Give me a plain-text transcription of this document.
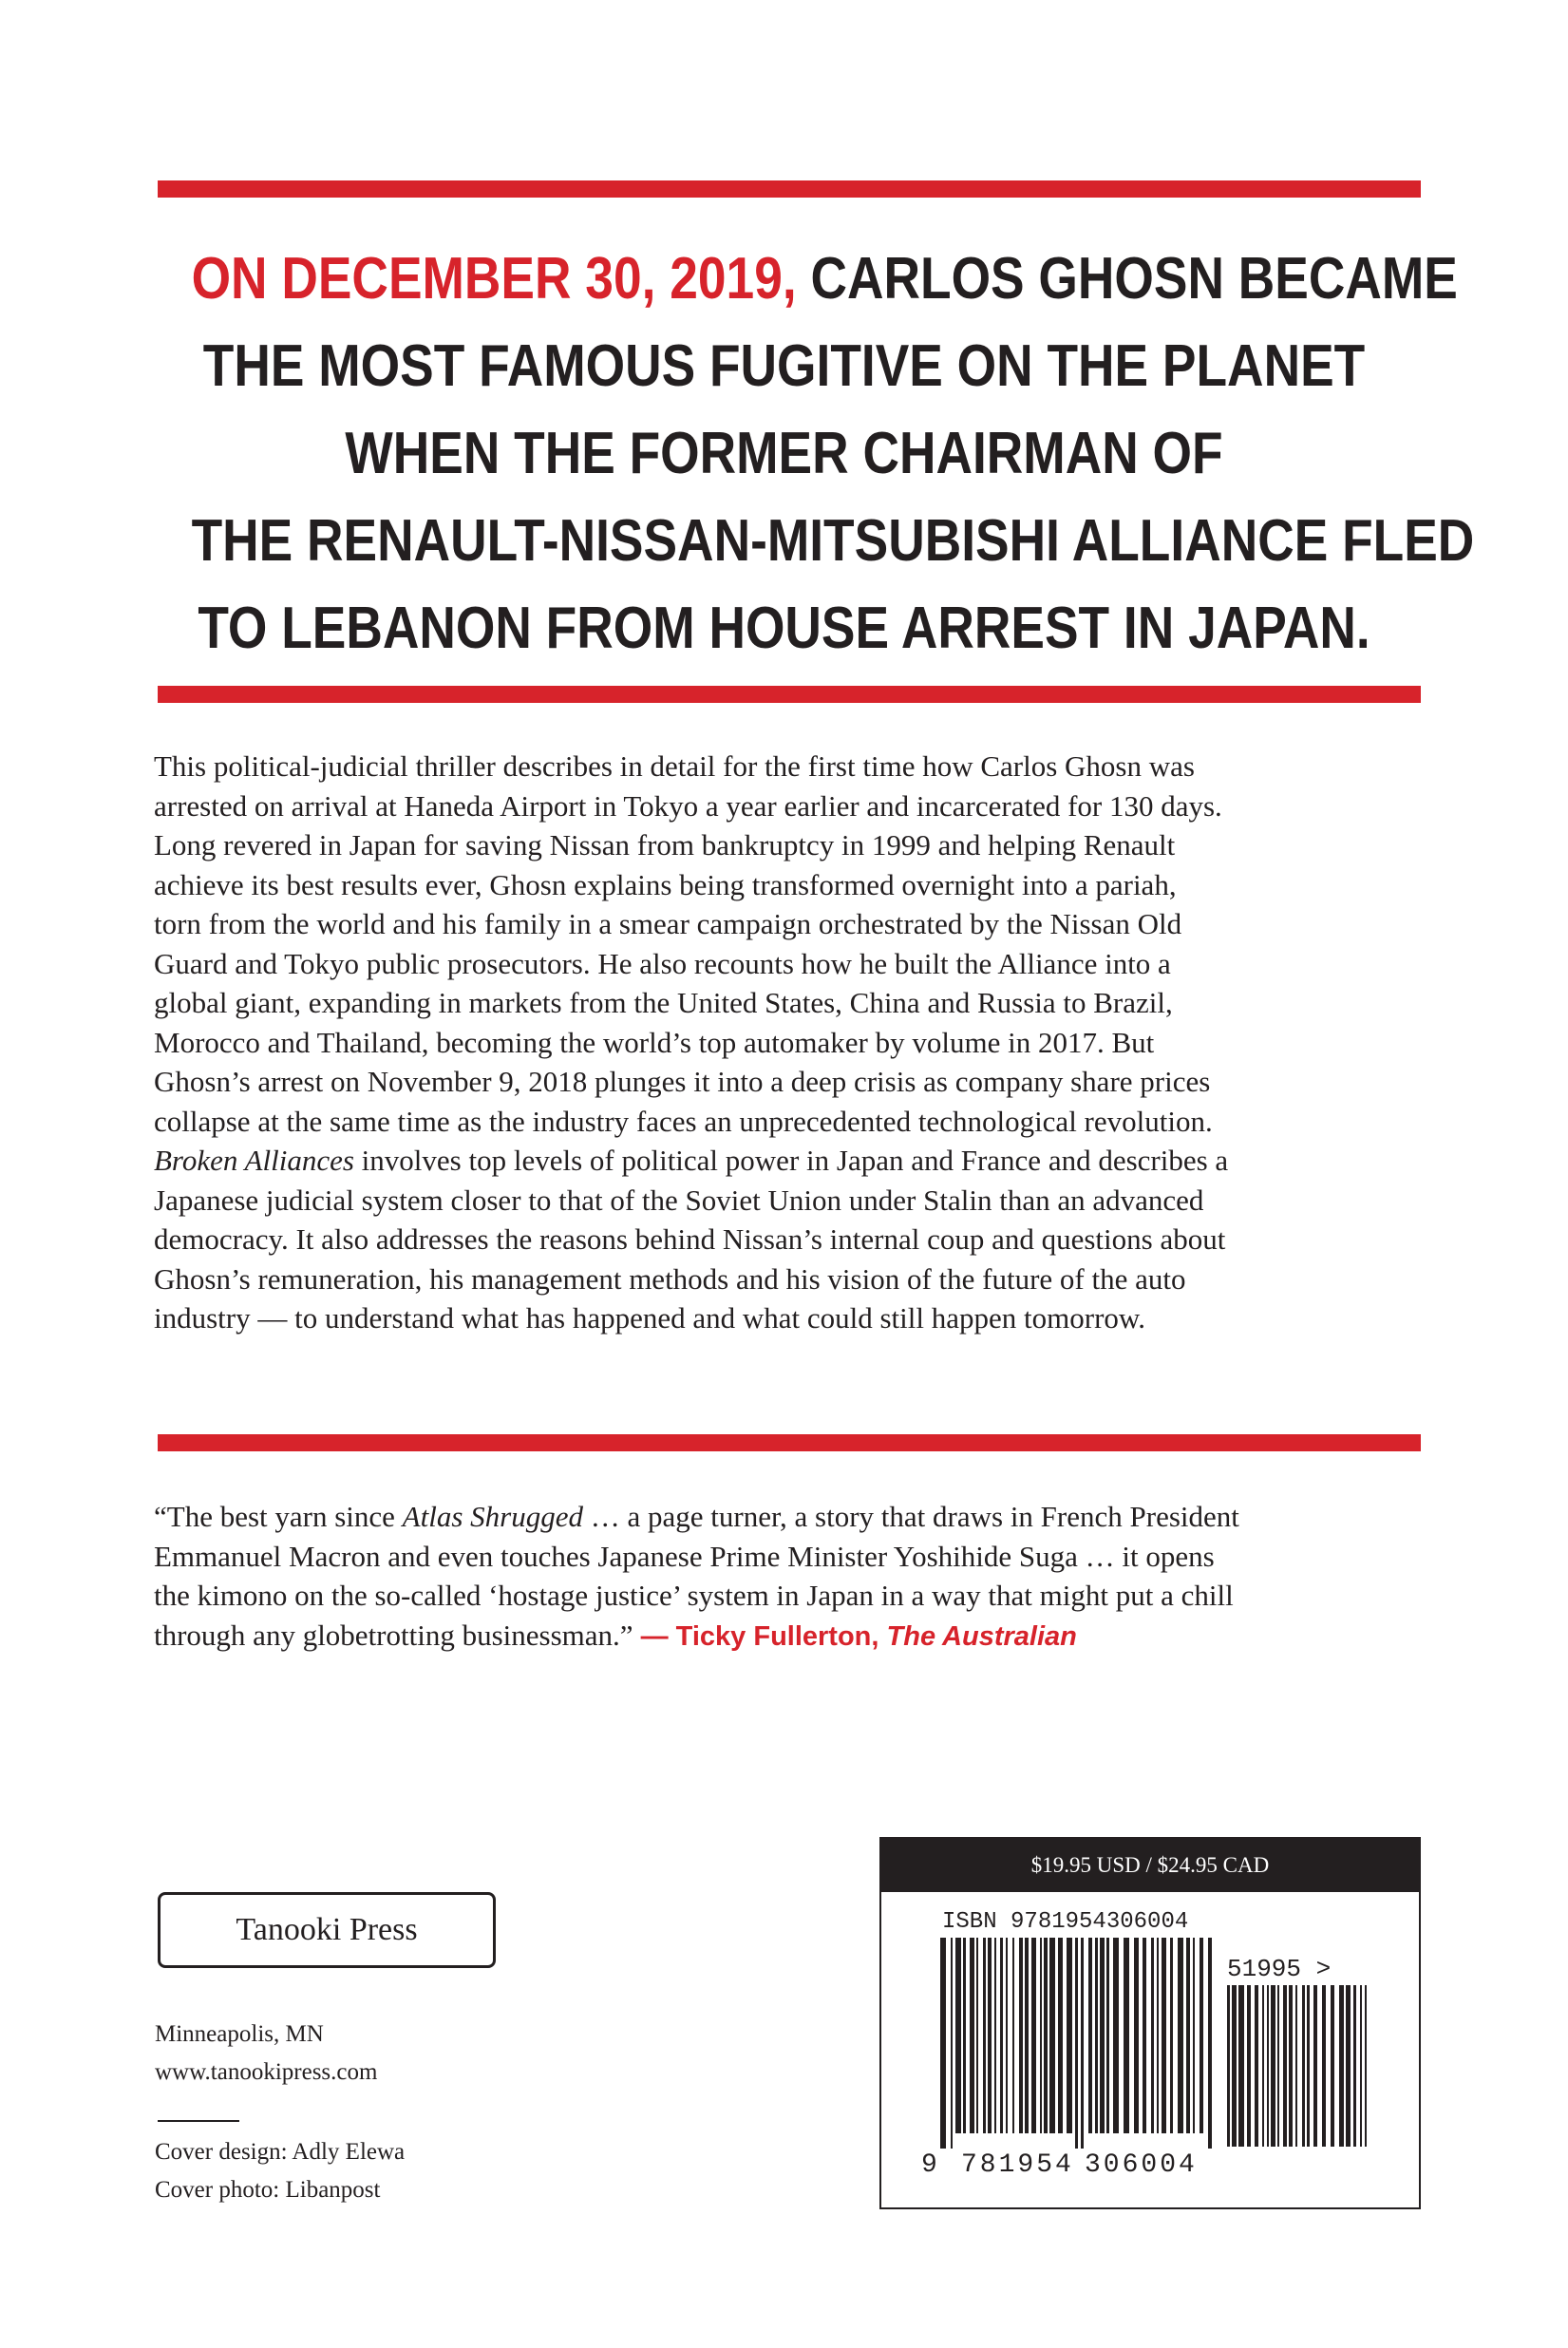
ON DECEMBER 30, 2019, CARLOS GHOSN BECAME
THE MOST FAMOUS FUGITIVE ON THE PLANET
WHEN THE FORMER CHAIRMAN OF
THE RENAULT-NISSAN-MITSUBISHI ALLIANCE FLED
TO LEBANON FROM HOUSE ARREST IN JAPAN.
This political-judicial thriller describes in detail for the first time how Carlos Ghosn was
arrested on arrival at Haneda Airport in Tokyo a year earlier and incarcerated for 130 days.
Long revered in Japan for saving Nissan from bankruptcy in 1999 and helping Renault
achieve its best results ever, Ghosn explains being transformed overnight into a pariah,
torn from the world and his family in a smear campaign orchestrated by the Nissan Old
Guard and Tokyo public prosecutors. He also recounts how he built the Alliance into a
global giant, expanding in markets from the United States, China and Russia to Brazil,
Morocco and Thailand, becoming the world’s top automaker by volume in 2017. But
Ghosn’s arrest on November 9, 2018 plunges it into a deep crisis as company share prices
collapse at the same time as the industry faces an unprecedented technological revolution.
Broken Alliances involves top levels of political power in Japan and France and describes a
Japanese judicial system closer to that of the Soviet Union under Stalin than an advanced
democracy. It also addresses the reasons behind Nissan’s internal coup and questions about
Ghosn’s remuneration, his management methods and his vision of the future of the auto
industry — to understand what has happened and what could still happen tomorrow.
“The best yarn since Atlas Shrugged … a page turner, a story that draws in French President
Emmanuel Macron and even touches Japanese Prime Minister Yoshihide Suga … it opens
the kimono on the so-called ‘hostage justice’ system in Japan in a way that might put a chill
through any globetrotting businessman.” — Ticky Fullerton, The Australian
Tanooki Press
Minneapolis, MN
www.tanookipress.com
Cover design: Adly Elewa
Cover photo: Libanpost
$19.95 USD / $24.95 CAD
ISBN 9781954306004
51995 >
9 781954 306004
